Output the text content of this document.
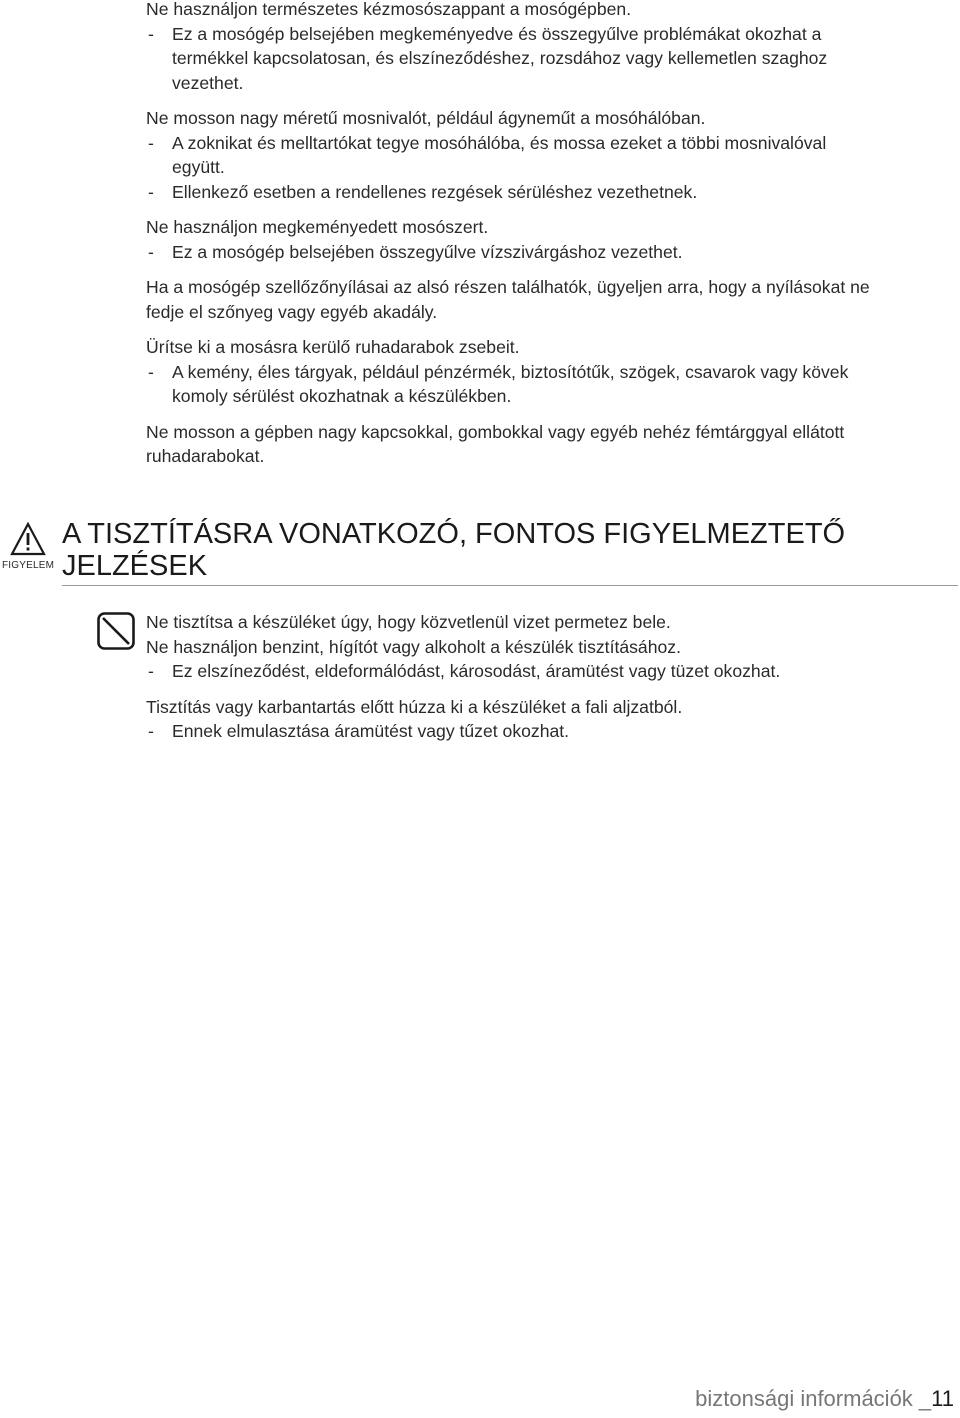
Ne használjon természetes kézmosószappant a mosógépben.
- Ez a mosógép belsejében megkeményedve és összegyűlve problémákat okozhat a
termékkel kapcsolatosan, és elszíneződéshez, rozsdához vagy kellemetlen szaghoz
vezethet.
Ne mosson nagy méretű mosnivalót, például ágyneműt a mosóhálóban.
- A zoknikat és melltartókat tegye mosóhálóba, és mossa ezeket a többi mosnivalóval
együtt.
- Ellenkező esetben a rendellenes rezgések sérüléshez vezethetnek.
Ne használjon megkeményedett mosószert.
- Ez a mosógép belsejében összegyűlve vízszivárgáshoz vezethet.
Ha a mosógép szellőzőnyílásai az alsó részen találhatók, ügyeljen arra, hogy a nyílásokat ne
fedje el szőnyeg vagy egyéb akadály.
Ürítse ki a mosásra kerülő ruhadarabok zsebeit.
- A kemény, éles tárgyak, például pénzérmék, biztosítótűk, szögek, csavarok vagy kövek
komoly sérülést okozhatnak a készülékben.
Ne mosson a gépben nagy kapcsokkal, gombokkal vagy egyéb nehéz fémtárggyal ellátott
ruhadarabokat.
FIGYELEM
A TISZTÍTÁSRA VONATKOZÓ, FONTOS FIGYELMEZTETŐ
JELZÉSEK
Ne tisztítsa a készüléket úgy, hogy közvetlenül vizet permetez bele.
Ne használjon benzint, hígítót vagy alkoholt a készülék tisztításához.
- Ez elszíneződést, eldeformálódást, károsodást, áramütést vagy tüzet okozhat.
Tisztítás vagy karbantartás előtt húzza ki a készüléket a fali aljzatból.
- Ennek elmulasztása áramütést vagy tűzet okozhat.
biztonsági információk _11
